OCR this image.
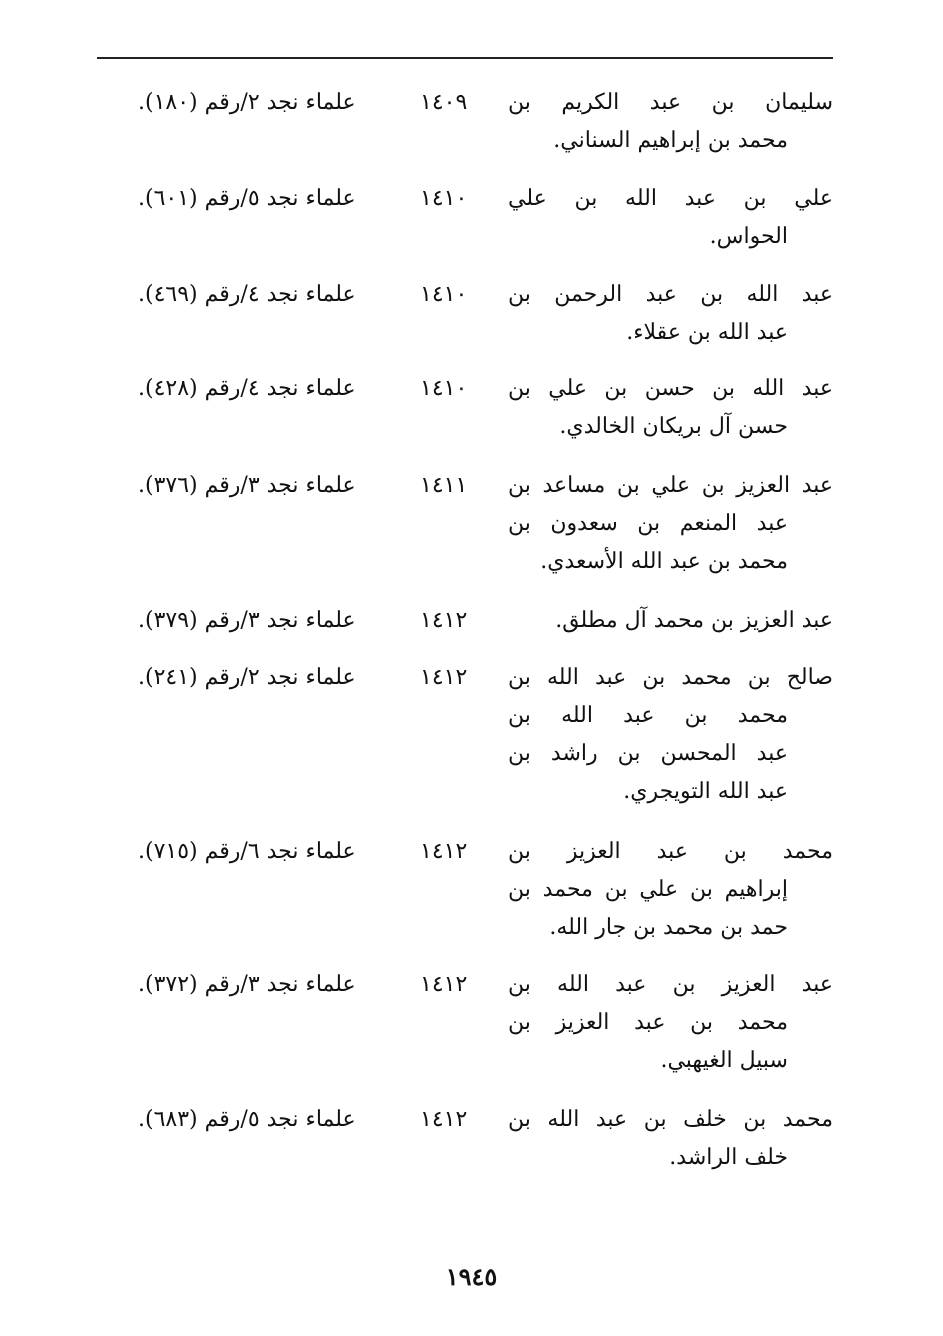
سليمان بن عبد الكريم بن
محمد بن إبراهيم السناني.
١٤٠٩
علماء نجد ٢/رقم (١٨٠).
علي بن عبد الله بن علي
الحواس.
١٤١٠
علماء نجد ٥/رقم (٦٠١).
عبد الله بن عبد الرحمن بن
عبد الله بن عقلاء.
١٤١٠
علماء نجد ٤/رقم (٤٦٩).
عبد الله بن حسن بن علي بن
حسن آل بريكان الخالدي.
١٤١٠
علماء نجد ٤/رقم (٤٢٨).
عبد العزيز بن علي بن مساعد بن
عبد المنعم بن سعدون بن
محمد بن عبد الله الأسعدي.
١٤١١
علماء نجد ٣/رقم (٣٧٦).
عبد العزيز بن محمد آل مطلق.
١٤١٢
علماء نجد ٣/رقم (٣٧٩).
صالح بن محمد بن عبد الله بن
محمد بن عبد الله بن
عبد المحسن بن راشد بن
عبد الله التويجري.
١٤١٢
علماء نجد ٢/رقم (٢٤١).
محمد بن عبد العزيز بن
إبراهيم بن علي بن محمد بن
حمد بن محمد بن جار الله.
١٤١٢
علماء نجد ٦/رقم (٧١٥).
عبد العزيز بن عبد الله بن
محمد بن عبد العزيز بن
سبيل الغيهبي.
١٤١٢
علماء نجد ٣/رقم (٣٧٢).
محمد بن خلف بن عبد الله بن
خلف الراشد.
١٤١٢
علماء نجد ٥/رقم (٦٨٣).
١٩٤٥
